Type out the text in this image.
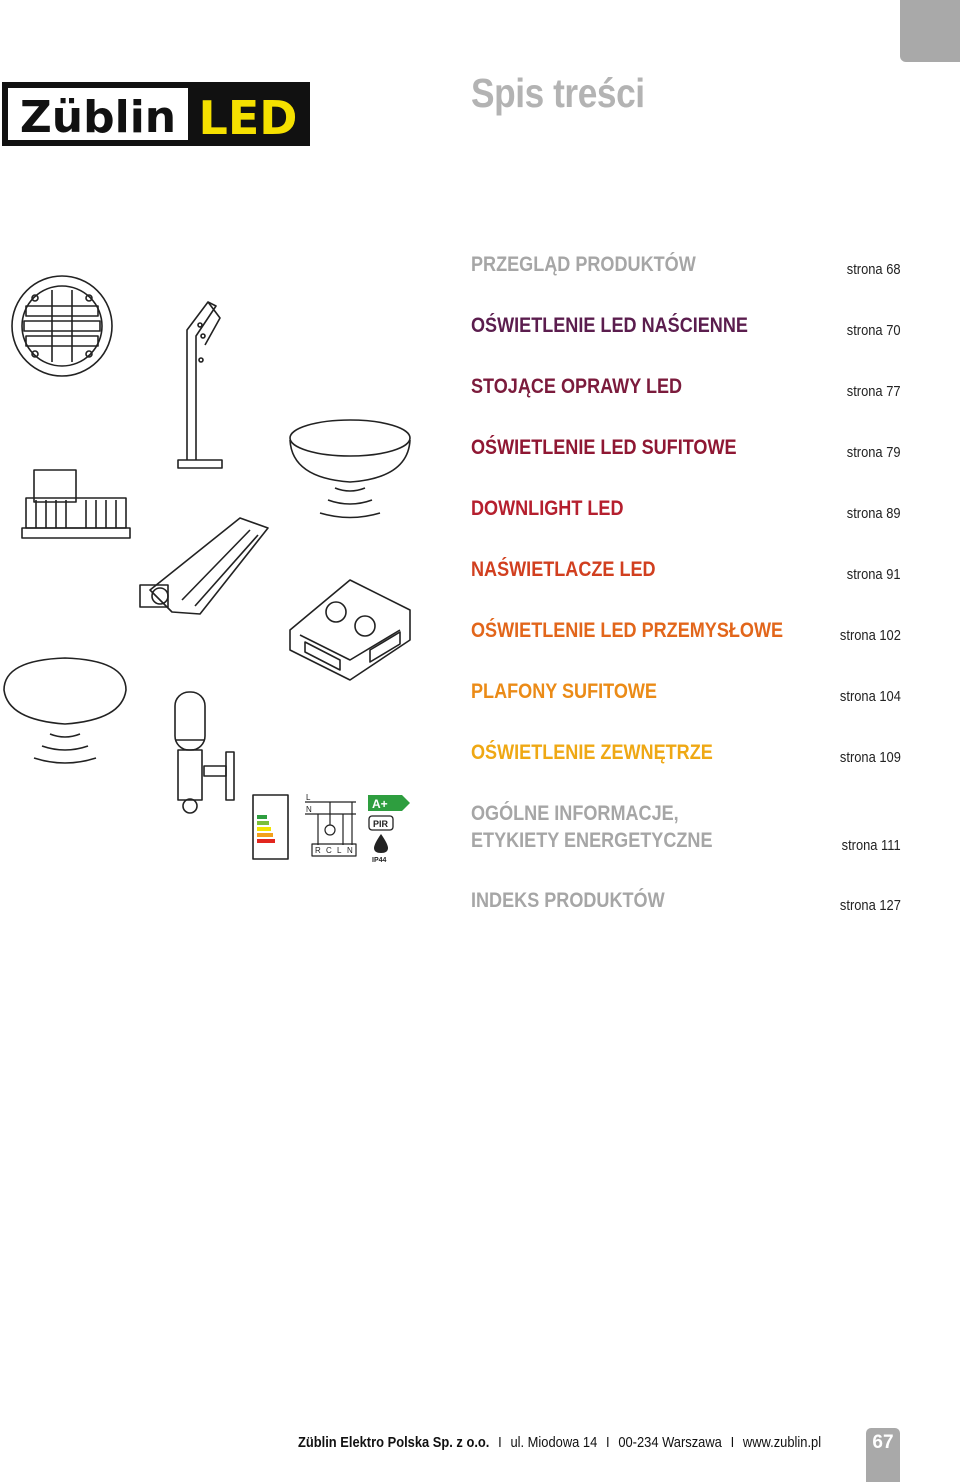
Züblin LED	Spis treści
PRZEGLĄD PRODUKTÓW	strona 68
OŚWIETLENIE LED NAŚCIENNE	strona 70
STOJĄCE OPRAWY LED	strona 77
OŚWIETLENIE LED SUFITOWE	strona 79
DOWNLIGHT LED	strona 89
NAŚWIETLACZE LED	strona 91
OŚWIETLENIE LED PRZEMYSŁOWE	strona 102
PLAFONY SUFITOWE	strona 104
OŚWIETLENIE ZEWNĘTRZE	strona 109
OGÓLNE INFORMACJE,
ETYKIETY ENERGETYCZNE	strona 111
INDEKS PRODUKTÓW	strona 127
L
N
R C L N
A+
PIR
IP44
Züblin Elektro Polska Sp. z o.o. I ul. Miodowa 14 I 00-234 Warszawa I www.zublin.pl	67
